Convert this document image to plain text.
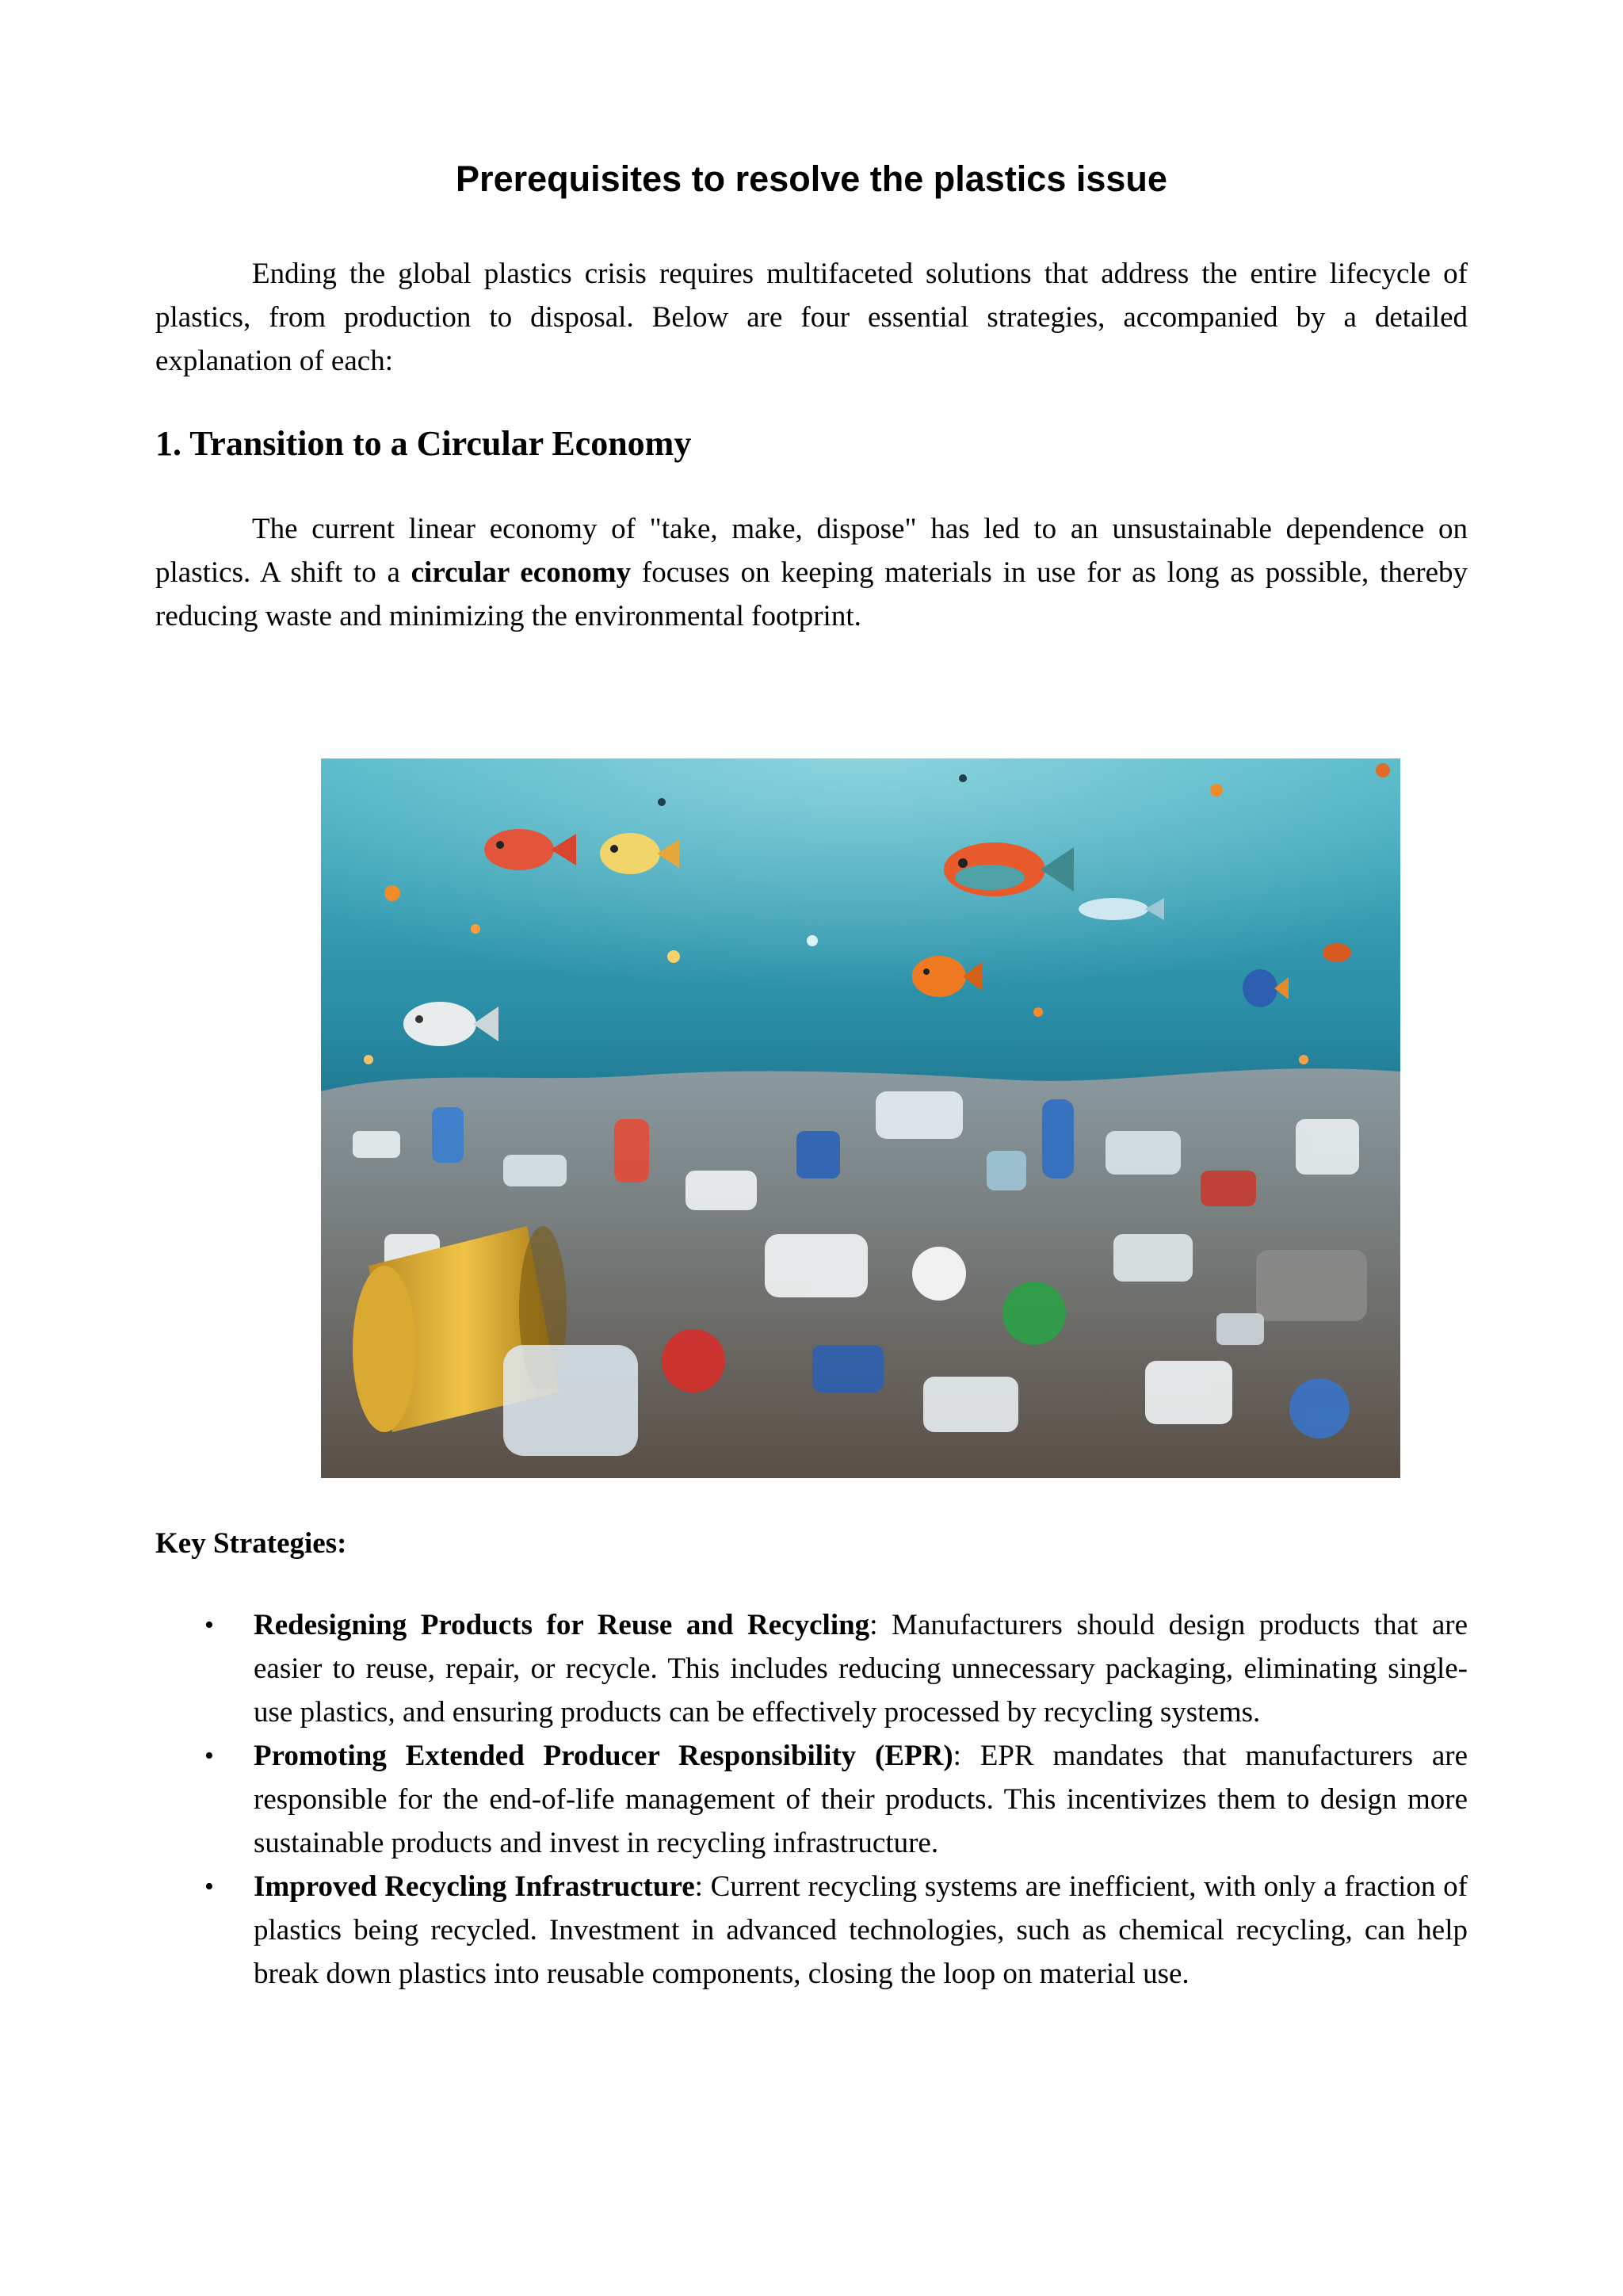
Prerequisites to resolve the plastics issue

Ending the global plastics crisis requires multifaceted solutions that address the entire lifecycle of plastics, from production to disposal. Below are four essential strategies, accompanied by a detailed explanation of each:

1. Transition to a Circular Economy

The current linear economy of "take, make, dispose" has led to an unsustainable dependence on plastics. A shift to a circular economy focuses on keeping materials in use for as long as possible, thereby reducing waste and minimizing the environmental footprint.

Key Strategies:
• Redesigning Products for Reuse and Recycling: Manufacturers should design products that are easier to reuse, repair, or recycle. This includes reducing unnecessary packaging, eliminating single-use plastics, and ensuring products can be effectively processed by recycling systems.
• Promoting Extended Producer Responsibility (EPR): EPR mandates that manufacturers are responsible for the end-of-life management of their products. This incentivizes them to design more sustainable products and invest in recycling infrastructure.
• Improved Recycling Infrastructure: Current recycling systems are inefficient, with only a fraction of plastics being recycled. Investment in advanced technologies, such as chemical recycling, can help break down plastics into reusable components, closing the loop on material use.
